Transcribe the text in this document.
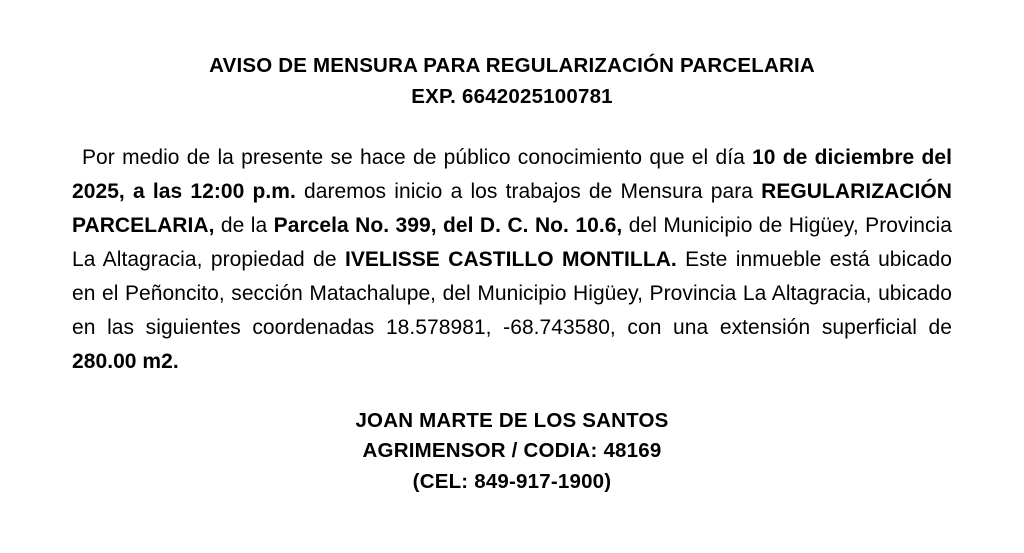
AVISO DE MENSURA PARA REGULARIZACIÓN PARCELARIA
EXP. 6642025100781
Por medio de la presente se hace de público conocimiento que el día 10 de diciembre del 2025, a las 12:00 p.m. daremos inicio a los trabajos de Mensura para REGULARIZACIÓN PARCELARIA, de la Parcela No. 399, del D. C. No. 10.6, del Municipio de Higüey, Provincia La Altagracia, propiedad de IVELISSE CASTILLO MONTILLA. Este inmueble está ubicado en el Peñoncito, sección Matachalupe, del Municipio Higüey, Provincia La Altagracia, ubicado en las siguientes coordenadas 18.578981, -68.743580, con una extensión superficial de 280.00 m2.
JOAN MARTE DE LOS SANTOS
AGRIMENSOR / CODIA: 48169
(CEL: 849-917-1900)
